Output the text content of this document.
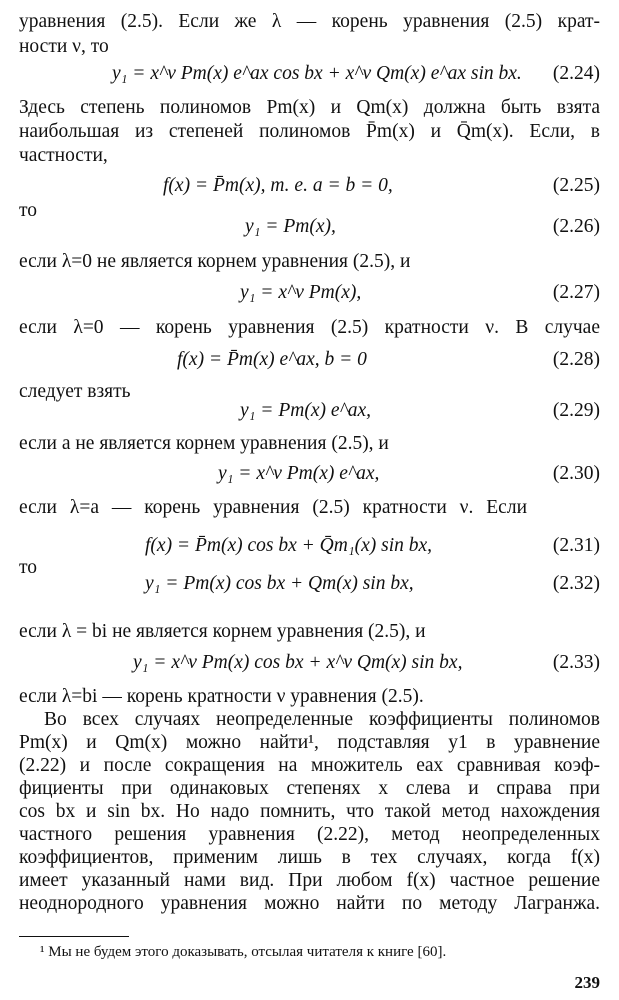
уравнения (2.5). Если же λ — корень уравнения (2.5) крат-
ности ν, то
y₁ = x^ν Pm(x) e^ax cos bx + x^ν Qm(x) e^ax sin bx. (2.24)
Здесь степень полиномов Pm(x) и Qm(x) должна быть взята
наибольшая из степеней полиномов P̄m(x) и Q̄m(x). Если, в
частности,
f(x) = P̄m(x), т. е. a = b = 0,	(2.25)
то
y₁ = Pm(x),	(2.26)
если λ=0 не является корнем уравнения (2.5), и
y₁ = x^ν Pm(x),	(2.27)
если λ=0 — корень уравнения (2.5) кратности ν. В случае
f(x) = P̄m(x) e^ax, b = 0	(2.28)
следует взять
y₁ = Pm(x) e^ax,	(2.29)
если a не является корнем уравнения (2.5), и
y₁ = x^ν Pm(x) e^ax,	(2.30)
если λ=a — корень уравнения (2.5) кратности ν. Если
f(x) = P̄m(x) cos bx + Q̄m₁(x) sin bx,	(2.31)
то
y₁ = Pm(x) cos bx + Qm(x) sin bx,	(2.32)
если λ = bi не является корнем уравнения (2.5), и
y₁ = x^ν Pm(x) cos bx + x^ν Qm(x) sin bx,	(2.33)
если λ=bi — корень кратности ν уравнения (2.5).
Во всех случаях неопределенные коэффициенты полиномов
Pm(x) и Qm(x) можно найти¹, подставляя y1 в уравнение
(2.22) и после сокращения на множитель eax сравнивая коэф-
фициенты при одинаковых степенях x слева и справа при
cos bx и sin bx. Но надо помнить, что такой метод нахождения
частного решения уравнения (2.22), метод неопределенных
коэффициентов, применим лишь в тех случаях, когда f(x)
имеет указанный нами вид. При любом f(x) частное решение
неоднородного уравнения можно найти по методу Лагранжа.
¹ Мы не будем этого доказывать, отсылая читателя к книге [60].
239
